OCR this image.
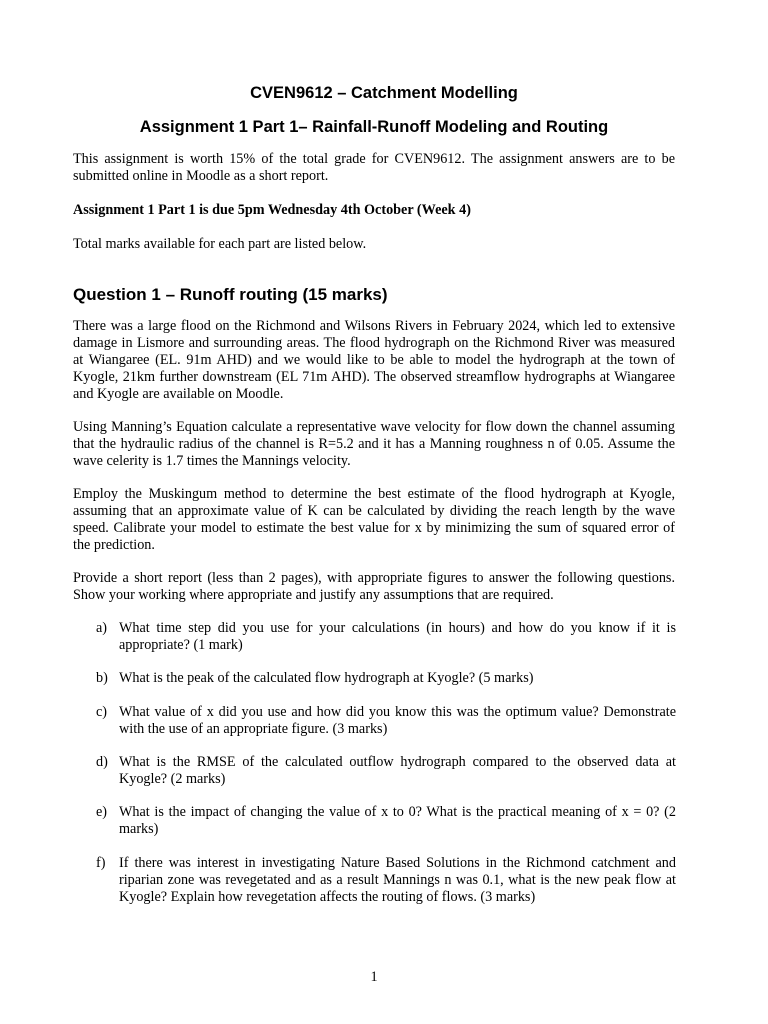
CVEN9612 – Catchment Modelling
Assignment 1 Part 1– Rainfall-Runoff Modeling and Routing

This assignment is worth 15% of the total grade for CVEN9612. The assignment answers are to be submitted online in Moodle as a short report.

Assignment 1 Part 1 is due 5pm Wednesday 4th October (Week 4)

Total marks available for each part are listed below.

Question 1 – Runoff routing (15 marks)

There was a large flood on the Richmond and Wilsons Rivers in February 2024, which led to extensive damage in Lismore and surrounding areas. The flood hydrograph on the Richmond River was measured at Wiangaree (EL. 91m AHD) and we would like to be able to model the hydrograph at the town of Kyogle, 21km further downstream (EL 71m AHD). The observed streamflow hydrographs at Wiangaree and Kyogle are available on Moodle.

Using Manning’s Equation calculate a representative wave velocity for flow down the channel assuming that the hydraulic radius of the channel is R=5.2 and it has a Manning roughness n of 0.05. Assume the wave celerity is 1.7 times the Mannings velocity.

Employ the Muskingum method to determine the best estimate of the flood hydrograph at Kyogle, assuming that an approximate value of K can be calculated by dividing the reach length by the wave speed. Calibrate your model to estimate the best value for x by minimizing the sum of squared error of the prediction.

Provide a short report (less than 2 pages), with appropriate figures to answer the following questions. Show your working where appropriate and justify any assumptions that are required.

a) What time step did you use for your calculations (in hours) and how do you know if it is appropriate? (1 mark)
b) What is the peak of the calculated flow hydrograph at Kyogle? (5 marks)
c) What value of x did you use and how did you know this was the optimum value? Demonstrate with the use of an appropriate figure. (3 marks)
d) What is the RMSE of the calculated outflow hydrograph compared to the observed data at Kyogle? (2 marks)
e) What is the impact of changing the value of x to 0? What is the practical meaning of x = 0? (2 marks)
f) If there was interest in investigating Nature Based Solutions in the Richmond catchment and riparian zone was revegetated and as a result Mannings n was 0.1, what is the new peak flow at Kyogle? Explain how revegetation affects the routing of flows. (3 marks)
1
